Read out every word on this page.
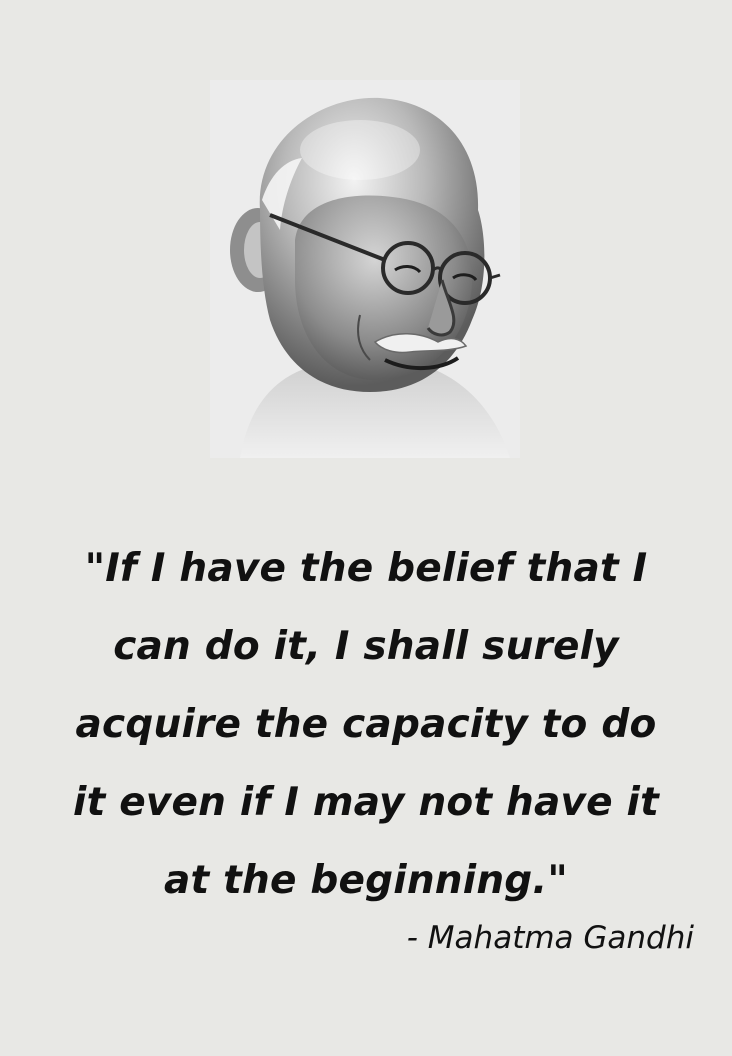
"If I have the belief that I
can do it, I shall surely
acquire the capacity to do
it even if I may not have it
at the beginning."

- Mahatma Gandhi
